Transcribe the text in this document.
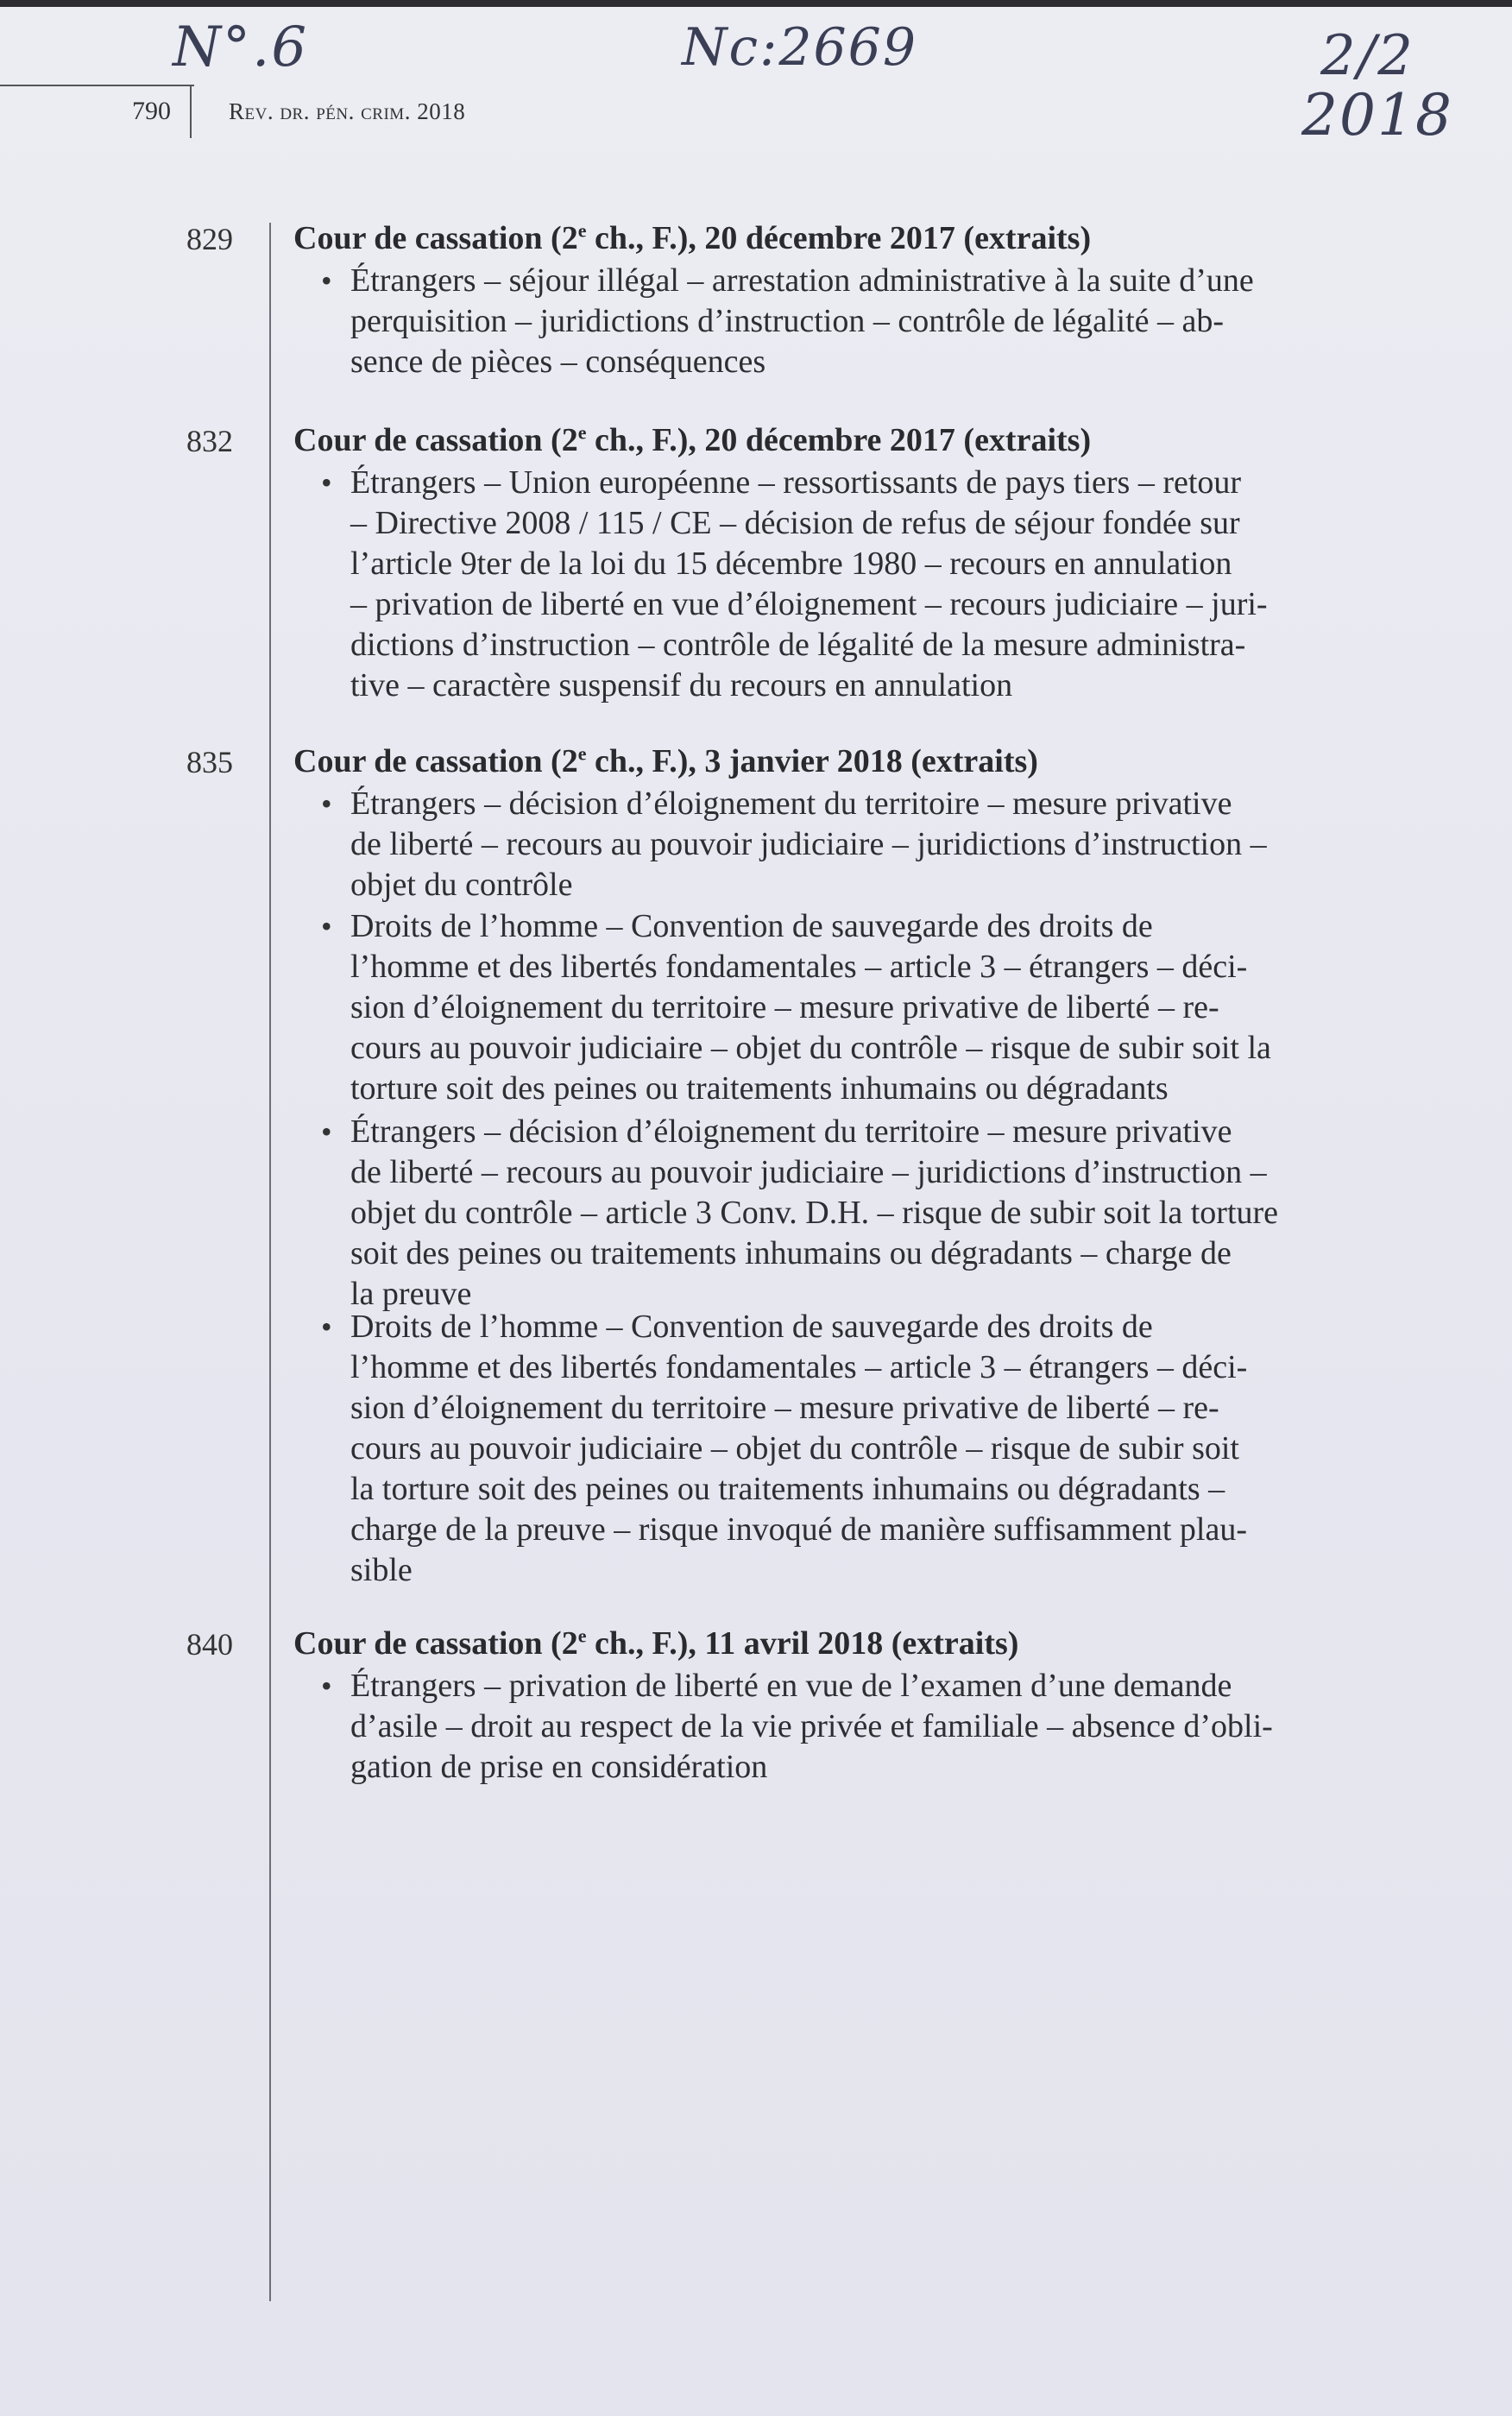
N°.6	Nc:2669	2/2
2018
790 Rev. dr. pén. crim. 2018
829	Cour de cassation (2e ch., F.), 20 décembre 2017 (extraits)
• Étrangers – séjour illégal – arrestation administrative à la suite d’une
perquisition – juridictions d’instruction – contrôle de légalité – ab-
sence de pièces – conséquences
832	Cour de cassation (2e ch., F.), 20 décembre 2017 (extraits)
• Étrangers – Union européenne – ressortissants de pays tiers – retour
– Directive 2008 / 115 / CE – décision de refus de séjour fondée sur
l’article 9ter de la loi du 15 décembre 1980 – recours en annulation
– privation de liberté en vue d’éloignement – recours judiciaire – juri-
dictions d’instruction – contrôle de légalité de la mesure administra-
tive – caractère suspensif du recours en annulation
835	Cour de cassation (2e ch., F.), 3 janvier 2018 (extraits)
• Étrangers – décision d’éloignement du territoire – mesure privative
de liberté – recours au pouvoir judiciaire – juridictions d’instruction –
objet du contrôle
• Droits de l’homme – Convention de sauvegarde des droits de
l’homme et des libertés fondamentales – article 3 – étrangers – déci-
sion d’éloignement du territoire – mesure privative de liberté – re-
cours au pouvoir judiciaire – objet du contrôle – risque de subir soit la
torture soit des peines ou traitements inhumains ou dégradants
• Étrangers – décision d’éloignement du territoire – mesure privative
de liberté – recours au pouvoir judiciaire – juridictions d’instruction –
objet du contrôle – article 3 Conv. D.H. – risque de subir soit la torture
soit des peines ou traitements inhumains ou dégradants – charge de
la preuve
• Droits de l’homme – Convention de sauvegarde des droits de
l’homme et des libertés fondamentales – article 3 – étrangers – déci-
sion d’éloignement du territoire – mesure privative de liberté – re-
cours au pouvoir judiciaire – objet du contrôle – risque de subir soit
la torture soit des peines ou traitements inhumains ou dégradants –
charge de la preuve – risque invoqué de manière suffisamment plau-
sible
840	Cour de cassation (2e ch., F.), 11 avril 2018 (extraits)
• Étrangers – privation de liberté en vue de l’examen d’une demande
d’asile – droit au respect de la vie privée et familiale – absence d’obli-
gation de prise en considération
